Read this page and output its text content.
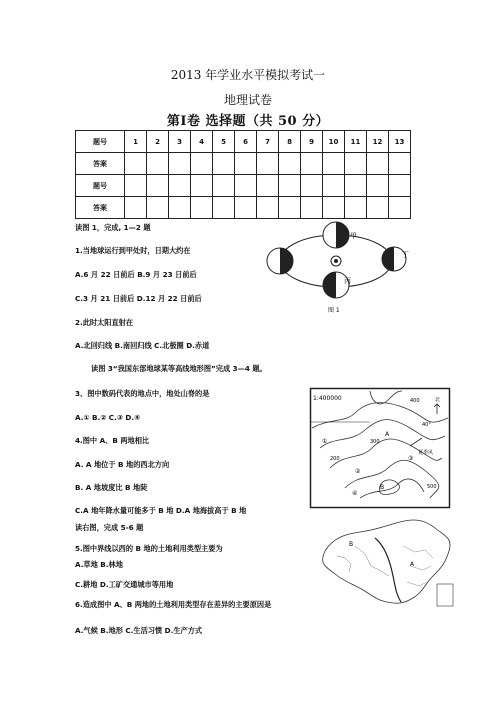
2013 年学业水平模拟考试一
地理试卷
第Ⅰ卷 选择题（共 50 分）
题号	1	2	3	4	5	6	7	8	9	10	11	12	13
答案													
题号													
答案													
读图 1，完成, 1—2 题
1.当地球运行到甲处时，日期大约在
A.6 月 22 日前后 B.9 月 23 日前后
C.3 月 21 日前后 D.12 月 22 日前后
2.此时太阳直射在
A.北回归线 B.南回归线 C.北极圈 D.赤道
读图 3“我国东部地球某等高线地形图”完成 3—4 题。
3、图中数码代表的地点中，地处山脊的是
A.① B.② C.③ D.④
4.图中 A、B 两地相比
A. A 地位于 B 地的西北方向
B. A 地坡度比 B 地陡
C.A 地年降水量可能多于 B 地 D.A 地海拔高于 B 地
读右图，完成 5-6 题
5.图中界线以西的 B 地的土地利用类型主要为
A.草地 B.林地
C.耕地 D.工矿交通城市等用地
6.造成图中 A、B 两地的土地利用类型存在差异的主要原因是
A.气候 B.地形 C.生活习惯 D.生产方式
甲
丁
丙
图 1
1:400000	400
300
200
500
A
B
①
②
③
④
40°
夏季风
北
B
A
